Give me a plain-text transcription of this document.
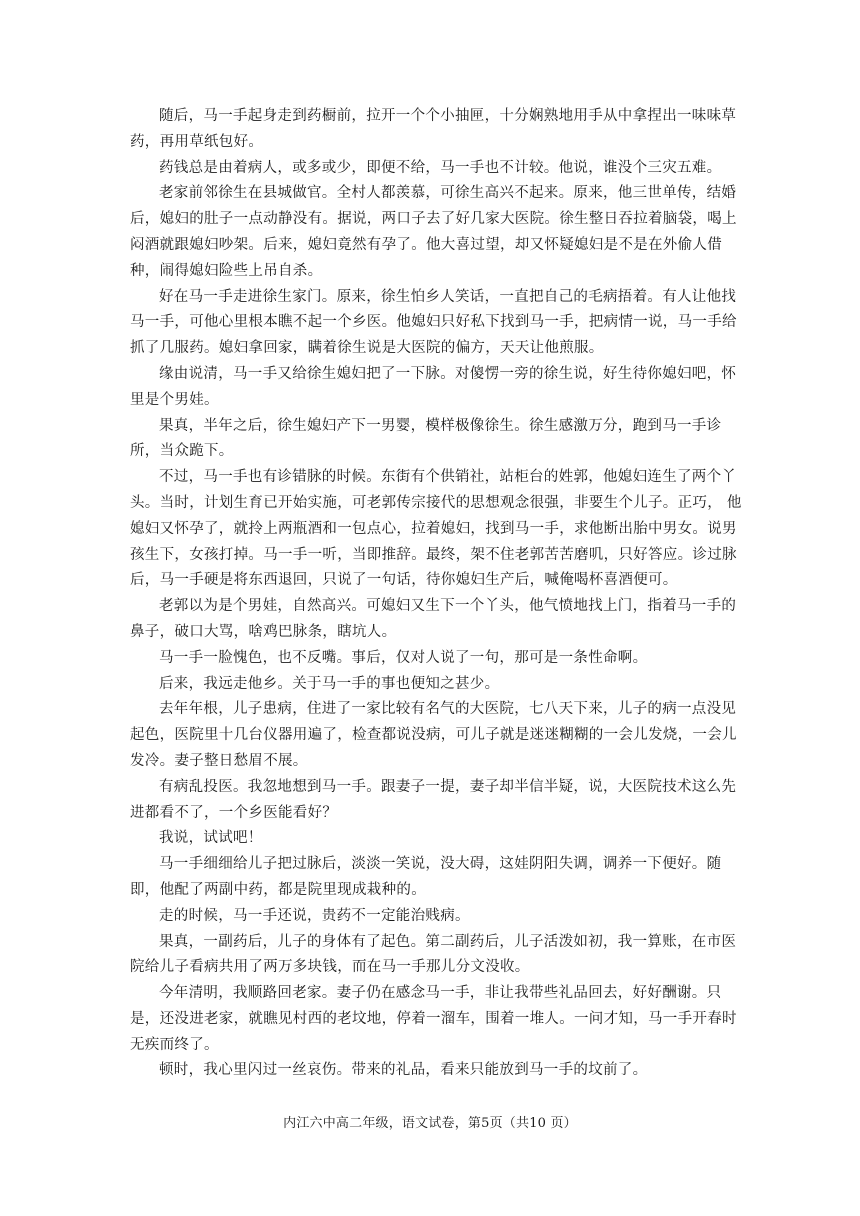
随后，马一手起身走到药橱前，拉开一个个小抽匣，十分娴熟地用手从中拿捏出一味味草药，再用草纸包好。

药钱总是由着病人，或多或少，即便不给，马一手也不计较。他说，谁没个三灾五难。

老家前邻徐生在县城做官。全村人都羡慕，可徐生高兴不起来。原来，他三世单传，结婚后，媳妇的肚子一点动静没有。据说，两口子去了好几家大医院。徐生整日吞拉着脑袋，喝上闷酒就跟媳妇吵架。后来，媳妇竟然有孕了。他大喜过望，却又怀疑媳妇是不是在外偷人借种，闹得媳妇险些上吊自杀。

好在马一手走进徐生家门。原来，徐生怕乡人笑话，一直把自己的毛病捂着。有人让他找马一手，可他心里根本瞧不起一个乡医。他媳妇只好私下找到马一手，把病情一说，马一手给抓了几服药。媳妇拿回家，瞒着徐生说是大医院的偏方，天天让他煎服。

缘由说清，马一手又给徐生媳妇把了一下脉。对傻愣一旁的徐生说，好生待你媳妇吧，怀里是个男娃。

果真，半年之后，徐生媳妇产下一男婴，模样极像徐生。徐生感激万分，跑到马一手诊所，当众跪下。

不过，马一手也有诊错脉的时候。东街有个供销社，站柜台的姓郭，他媳妇连生了两个丫头。当时，计划生育已开始实施，可老郭传宗接代的思想观念很强，非要生个儿子。正巧， 他媳妇又怀孕了，就拎上两瓶酒和一包点心，拉着媳妇，找到马一手，求他断出胎中男女。说男孩生下，女孩打掉。马一手一听，当即推辞。最终，架不住老郭苦苦磨叽，只好答应。诊过脉后，马一手硬是将东西退回，只说了一句话，待你媳妇生产后，喊俺喝杯喜酒便可。

老郭以为是个男娃，自然高兴。可媳妇又生下一个丫头，他气愤地找上门，指着马一手的鼻子，破口大骂，啥鸡巴脉条，瞎坑人。

马一手一脸愧色，也不反嘴。事后，仅对人说了一句，那可是一条性命啊。

后来，我远走他乡。关于马一手的事也便知之甚少。

去年年根，儿子患病，住进了一家比较有名气的大医院，七八天下来，儿子的病一点没见起色，医院里十几台仪器用遍了，检查都说没病，可儿子就是迷迷糊糊的一会儿发烧，一会儿发冷。妻子整日愁眉不展。

有病乱投医。我忽地想到马一手。跟妻子一提，妻子却半信半疑，说，大医院技术这么先进都看不了，一个乡医能看好？

我说，试试吧！

马一手细细给儿子把过脉后，淡淡一笑说，没大碍，这娃阴阳失调，调养一下便好。随即，他配了两副中药，都是院里现成栽种的。

走的时候，马一手还说，贵药不一定能治贱病。

果真，一副药后，儿子的身体有了起色。第二副药后，儿子活泼如初，我一算账，在市医院给儿子看病共用了两万多块钱，而在马一手那儿分文没收。

今年清明，我顺路回老家。妻子仍在感念马一手，非让我带些礼品回去，好好酬谢。只是，还没进老家，就瞧见村西的老坟地，停着一溜车，围着一堆人。一问才知，马一手开春时无疾而终了。

顿时，我心里闪过一丝哀伤。带来的礼品，看来只能放到马一手的坟前了。

内江六中高二年级，语文试卷，第5页（共10 页）
